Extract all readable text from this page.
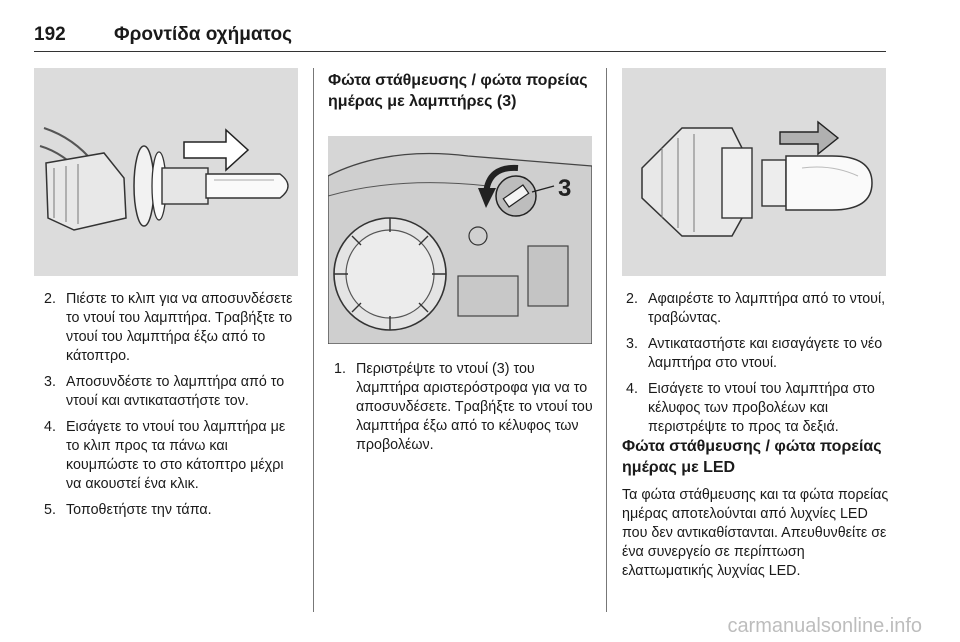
192	Φροντίδα οχήματος
2. Πιέστε το κλιπ για να αποσυνδέσετε το ντουί του λαμπτήρα. Τραβήξτε το ντουί του λαμπτήρα έξω από το κάτοπτρο.
3. Αποσυνδέστε το λαμπτήρα από το ντουί και αντικαταστήστε τον.
4. Εισάγετε το ντουί του λαμπτήρα με το κλιπ προς τα πάνω και κουμπώστε το στο κάτοπτρο μέχρι να ακουστεί ένα κλικ.
5. Τοποθετήστε την τάπα.
Φώτα στάθμευσης / φώτα πορείας ημέρας με λαμπτήρες (3)
3
1. Περιστρέψτε το ντουί (3) του λαμπτήρα αριστερόστροφα για να το αποσυνδέσετε. Τραβήξτε το ντουί του λαμπτήρα έξω από το κέλυφος των προβολέων.
2. Αφαιρέστε το λαμπτήρα από το ντουί, τραβώντας.
3. Αντικαταστήστε και εισαγάγετε το νέο λαμπτήρα στο ντουί.
4. Εισάγετε το ντουί του λαμπτήρα στο κέλυφος των προβολέων και περιστρέψτε το προς τα δεξιά.
Φώτα στάθμευσης / φώτα πορείας ημέρας με LED
Τα φώτα στάθμευσης και τα φώτα πορείας ημέρας αποτελούνται από λυχνίες LED που δεν αντικαθίστανται. Απευθυνθείτε σε ένα συνεργείο σε περίπτωση ελαττωματικής λυχνίας LED.
carmanualsonline.info
